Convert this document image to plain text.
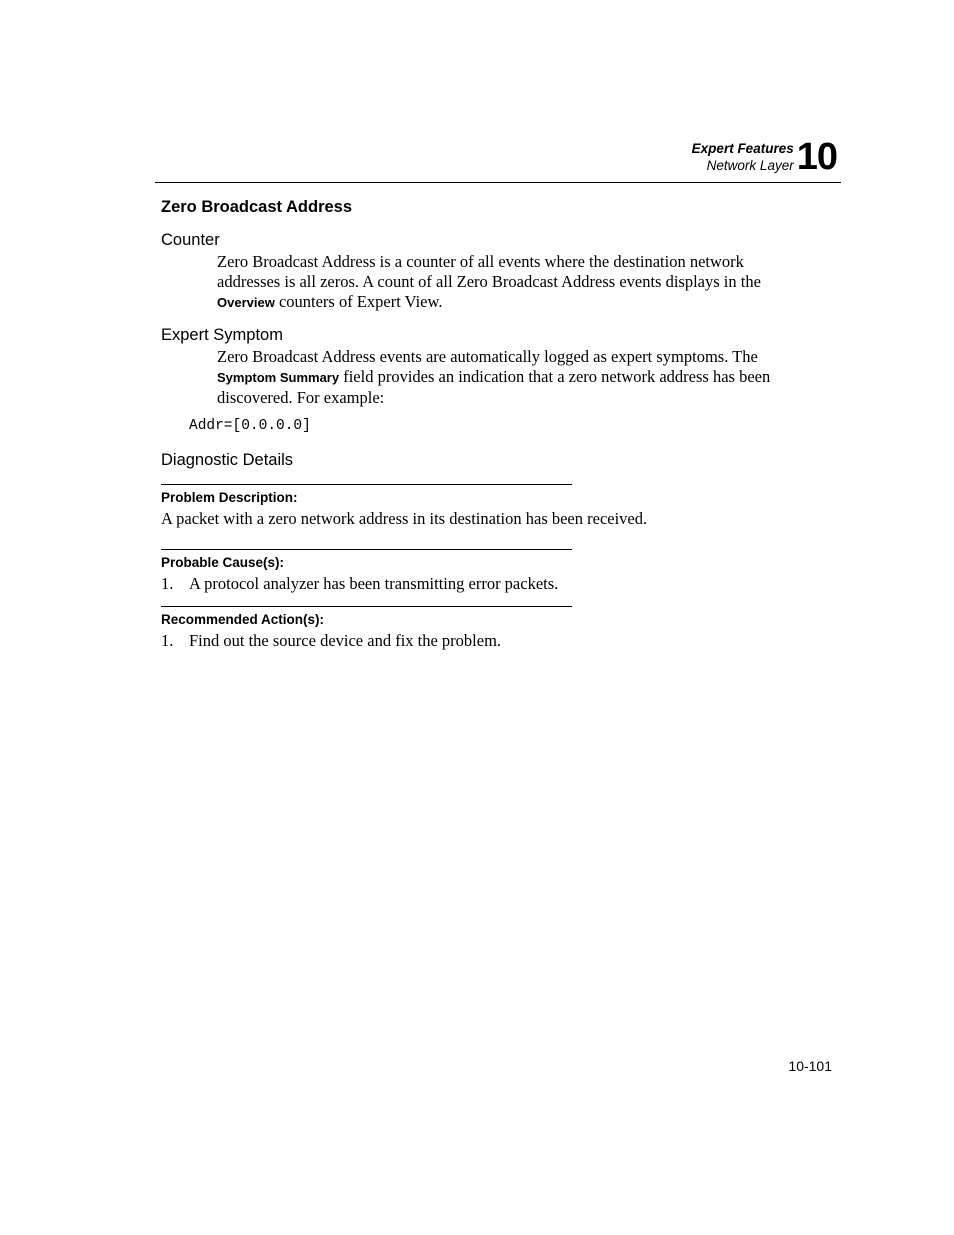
Expert Features
Network Layer 10
Zero Broadcast Address
Counter
Zero Broadcast Address is a counter of all events where the destination network addresses is all zeros. A count of all Zero Broadcast Address events displays in the Overview counters of Expert View.
Expert Symptom
Zero Broadcast Address events are automatically logged as expert symptoms. The Symptom Summary field provides an indication that a zero network address has been discovered. For example:
Addr=[0.0.0.0]
Diagnostic Details
Problem Description:
A packet with a zero network address in its destination has been received.
Probable Cause(s):
1. A protocol analyzer has been transmitting error packets.
Recommended Action(s):
1. Find out the source device and fix the problem.
10-101
